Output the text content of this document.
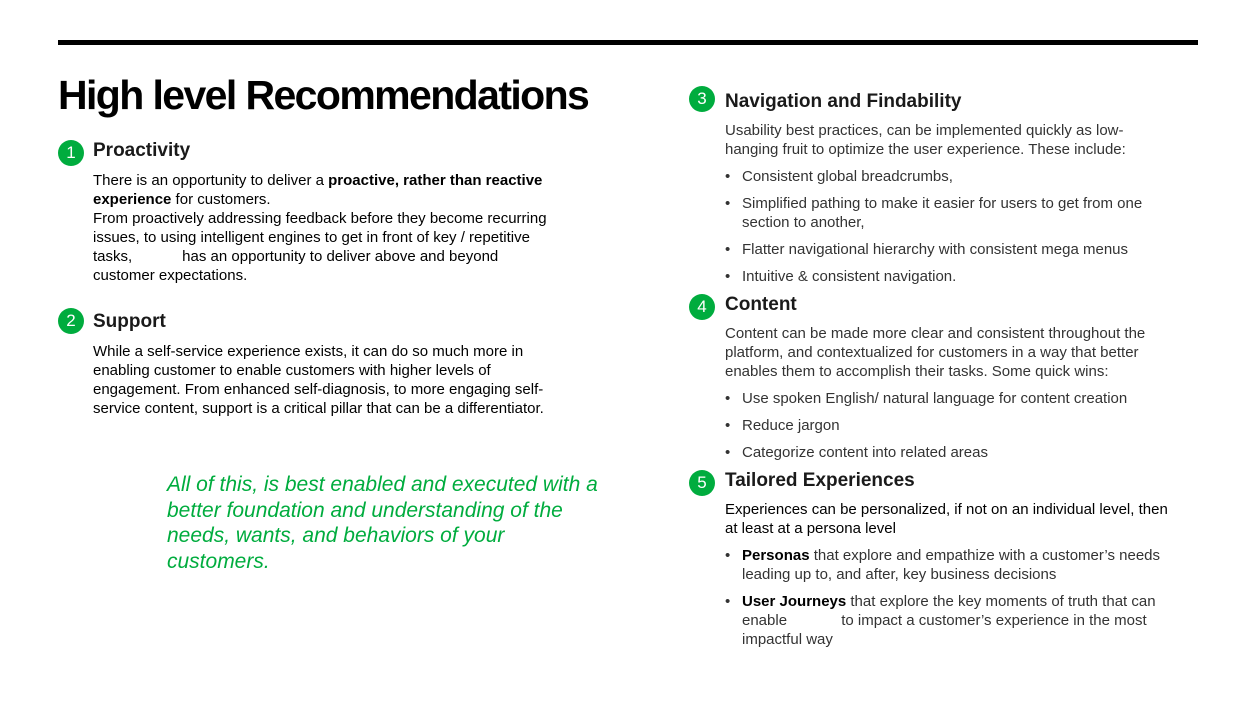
High level Recommendations
1 Proactivity

There is an opportunity to deliver a proactive, rather than reactive experience for customers.

From proactively addressing feedback before they become recurring issues, to using intelligent engines to get in front of key / repetitive tasks,            has an opportunity to deliver above and beyond customer expectations.

2 Support

While a self-service experience exists, it can do so much more in enabling customer to enable customers with higher levels of engagement. From enhanced self-diagnosis, to more engaging self-service content, support is a critical pillar that can be a differentiator.

All of this, is best enabled and executed with a better foundation and understanding of the needs, wants, and behaviors of your customers.

3 Navigation and Findability

Usability best practices, can be implemented quickly as low-hanging fruit to optimize the user experience. These include:

• Consistent global breadcrumbs,
• Simplified pathing to make it easier for users to get from one section to another,
• Flatter navigational hierarchy with consistent mega menus
• Intuitive & consistent navigation.
4 Content

Content can be made more clear and consistent throughout the platform, and contextualized for customers in a way that better enables them to accomplish their tasks. Some quick wins:

• Use spoken English/ natural language for content creation
• Reduce jargon
• Categorize content into related areas
5 Tailored Experiences

Experiences can be personalized, if not on an individual level, then at least at a persona level

• Personas that explore and empathize with a customer’s needs leading up to, and after, key business decisions
• User Journeys that explore the key moments of truth that can enable             to impact a customer’s experience in the most impactful way
